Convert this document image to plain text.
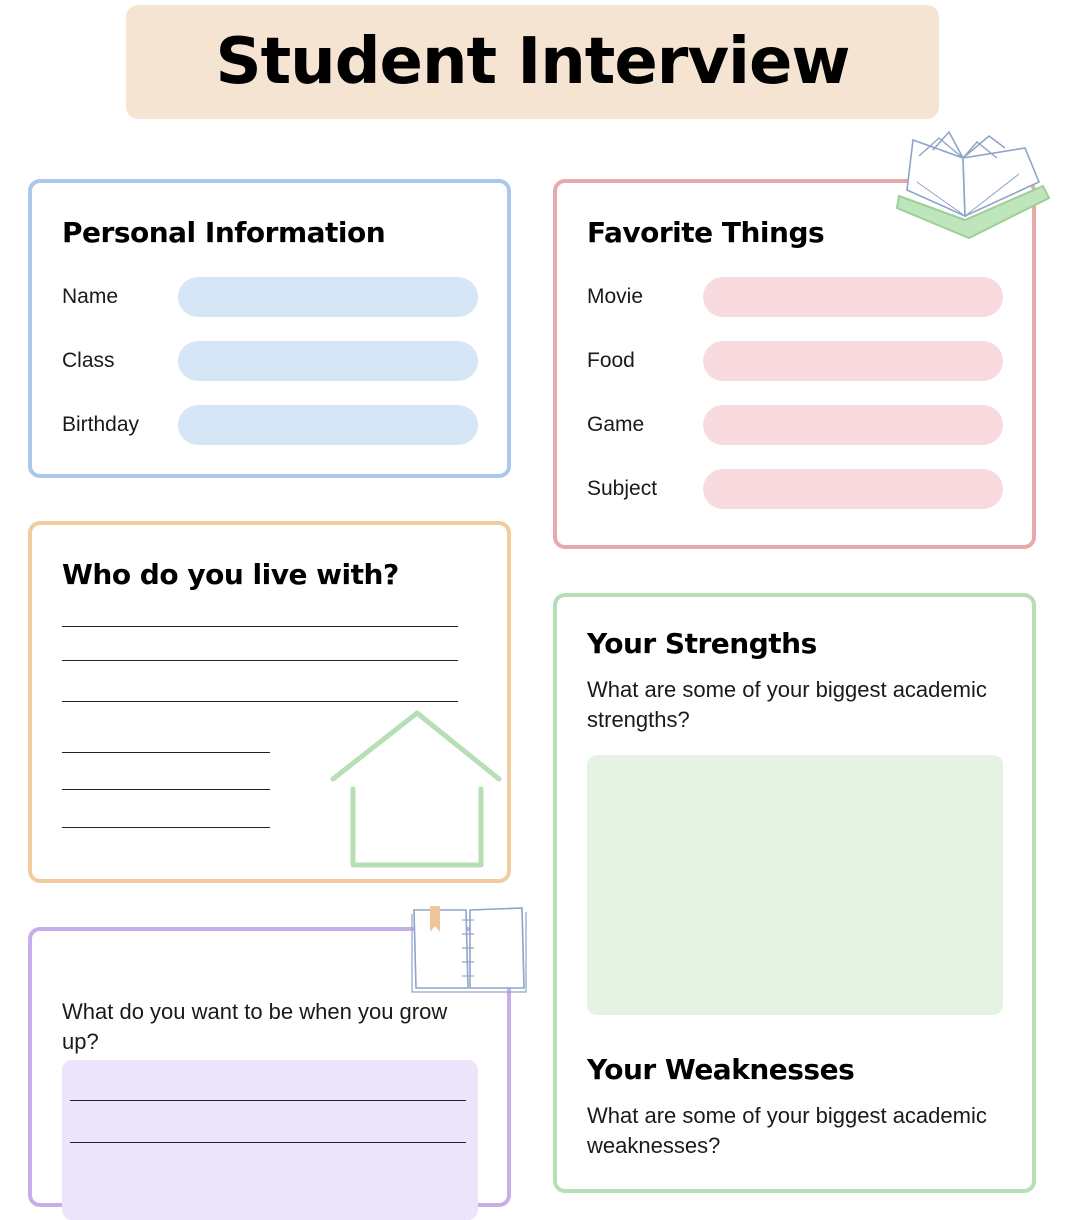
Student Interview
Personal Information
Name
Class
Birthday
Favorite Things
Movie
Food
Game
Subject
Who do you live with?
Your Strengths

What are some of your biggest academic strengths?

Your Weaknesses

What are some of your biggest academic weaknesses?

What do you want to be when you grow up?
